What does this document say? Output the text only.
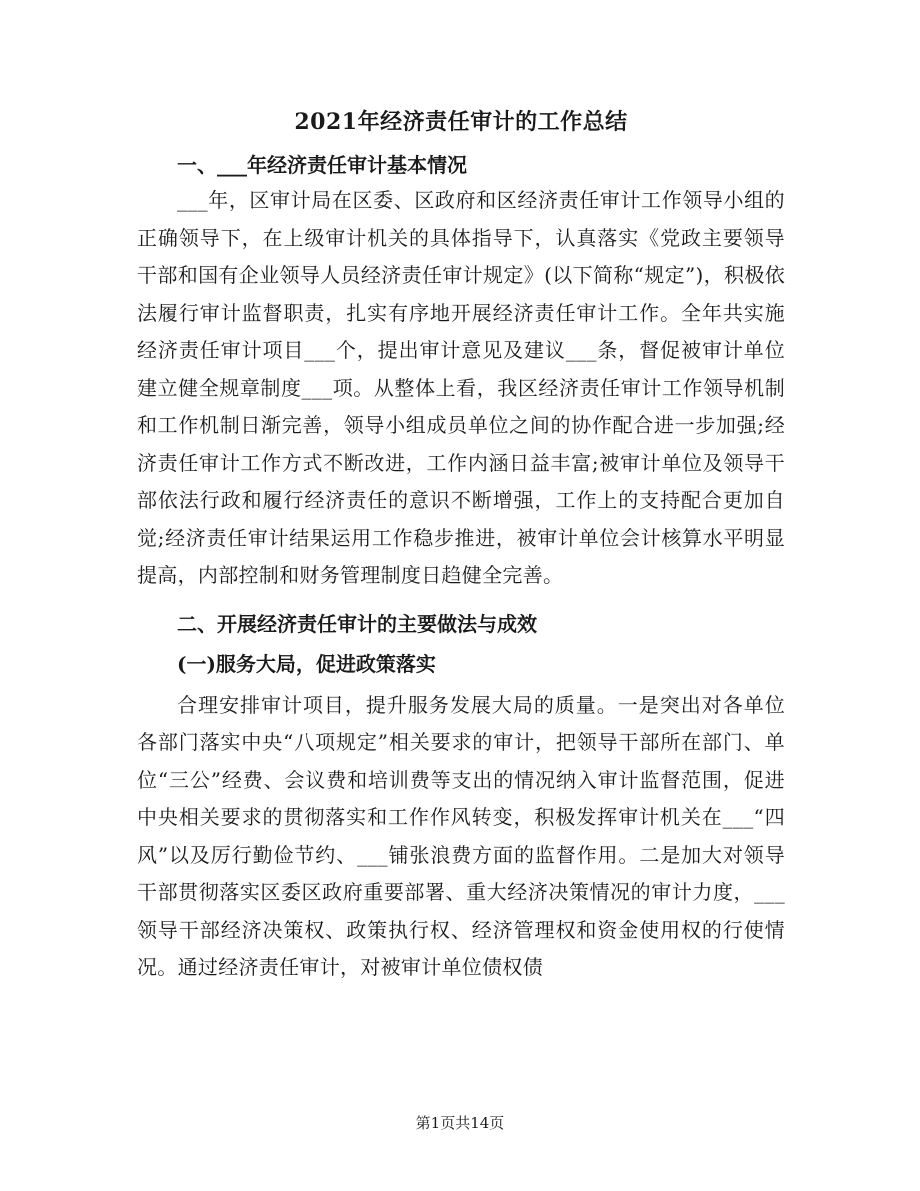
2021年经济责任审计的工作总结
一、___年经济责任审计基本情况

___年，区审计局在区委、区政府和区经济责任审计工作领导小组的正确领导下，在上级审计机关的具体指导下，认真落实《党政主要领导干部和国有企业领导人员经济责任审计规定》(以下简称“规定”)，积极依法履行审计监督职责，扎实有序地开展经济责任审计工作。全年共实施经济责任审计项目___个，提出审计意见及建议___条，督促被审计单位建立健全规章制度___项。从整体上看，我区经济责任审计工作领导机制和工作机制日渐完善，领导小组成员单位之间的协作配合进一步加强;经济责任审计工作方式不断改进，工作内涵日益丰富;被审计单位及领导干部依法行政和履行经济责任的意识不断增强，工作上的支持配合更加自觉;经济责任审计结果运用工作稳步推进，被审计单位会计核算水平明显提高，内部控制和财务管理制度日趋健全完善。

二、开展经济责任审计的主要做法与成效
(一)服务大局，促进政策落实

合理安排审计项目，提升服务发展大局的质量。一是突出对各单位各部门落实中央“八项规定”相关要求的审计，把领导干部所在部门、单位“三公”经费、会议费和培训费等支出的情况纳入审计监督范围，促进中央相关要求的贯彻落实和工作作风转变，积极发挥审计机关在___“四风”以及厉行勤俭节约、___铺张浪费方面的监督作用。二是加大对领导干部贯彻落实区委区政府重要部署、重大经济决策情况的审计力度，___领导干部经济决策权、政策执行权、经济管理权和资金使用权的行使情况。通过经济责任审计，对被审计单位债权债

第1页共14页
